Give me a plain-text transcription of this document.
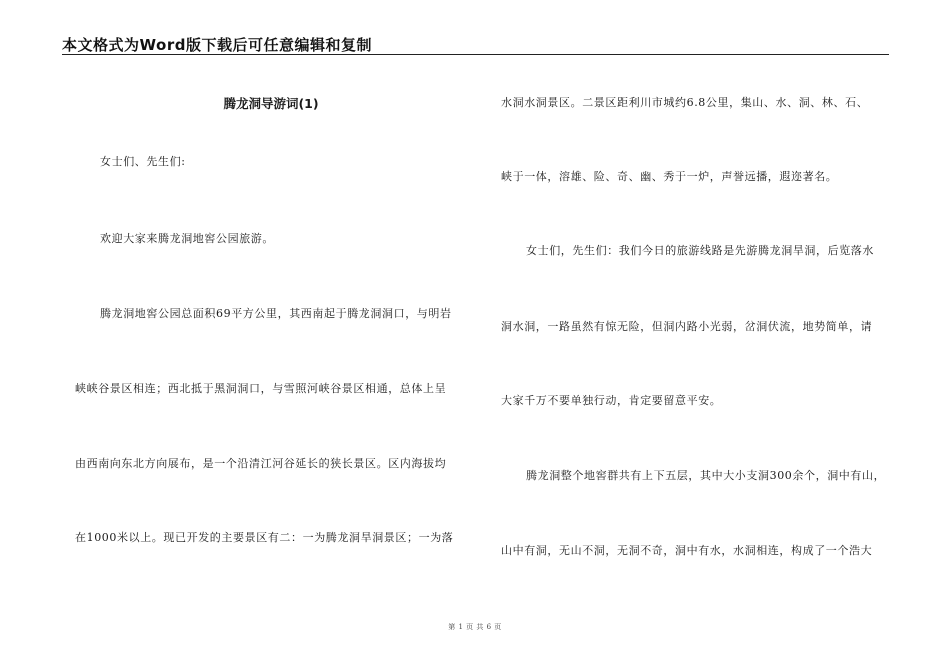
本文格式为Word版下载后可任意编辑和复制
腾龙洞导游词(1)
女士们、先生们:
欢迎大家来腾龙洞地窖公园旅游。
腾龙洞地窖公园总面积69平方公里，其西南起于腾龙洞洞口，与明岩
峡峡谷景区相连；西北抵于黑洞洞口，与雪照河峡谷景区相通，总体上呈
由西南向东北方向展布，是一个沿清江河谷延长的狭长景区。区内海拔均
在1000米以上。现已开发的主要景区有二：一为腾龙洞旱洞景区；一为落
水洞水洞景区。二景区距利川市城约6.8公里，集山、水、洞、林、石、
峡于一体，溶雄、险、奇、幽、秀于一炉，声誉远播，遐迩著名。
女士们，先生们：我们今日的旅游线路是先游腾龙洞旱洞，后览落水
洞水洞，一路虽然有惊无险，但洞内路小光弱，岔洞伏流，地势简单，请
大家千万不要单独行动，肯定要留意平安。
腾龙洞整个地窖群共有上下五层，其中大小支洞300余个，洞中有山，
山中有洞，无山不洞，无洞不奇，洞中有水，水洞相连，构成了一个浩大
第 1 页 共 6 页
